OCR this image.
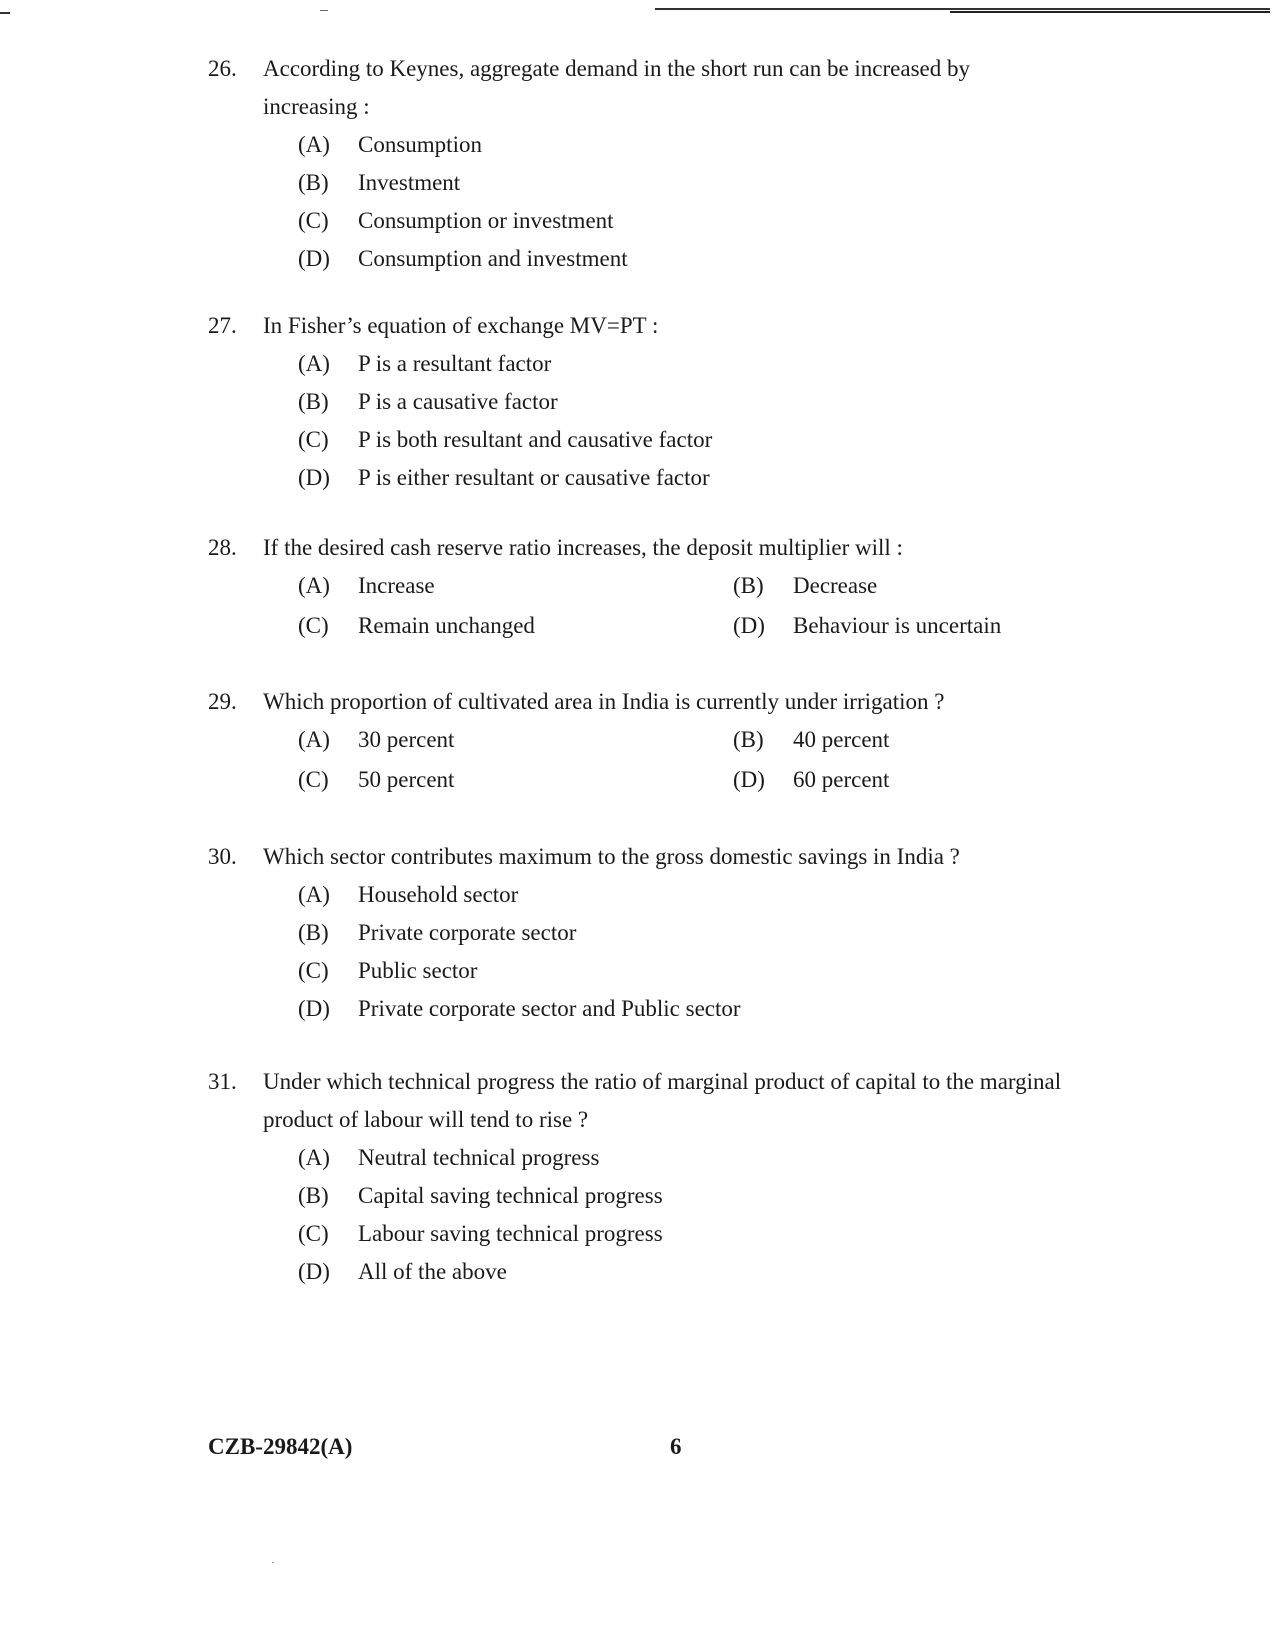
26.	According to Keynes, aggregate demand in the short run can be increased by increasing :
(A)	Consumption
(B)	Investment
(C)	Consumption or investment
(D)	Consumption and investment
27.	In Fisher’s equation of exchange MV=PT :
(A)	P is a resultant factor
(B)	P is a causative factor
(C)	P is both resultant and causative factor
(D)	P is either resultant or causative factor
28.	If the desired cash reserve ratio increases, the deposit multiplier will :
(A)	Increase	(B)	Decrease
(C)	Remain unchanged	(D)	Behaviour is uncertain
29.	Which proportion of cultivated area in India is currently under irrigation ?
(A)	30 percent	(B)	40 percent
(C)	50 percent	(D)	60 percent
30.	Which sector contributes maximum to the gross domestic savings in India ?
(A)	Household sector
(B)	Private corporate sector
(C)	Public sector
(D)	Private corporate sector and Public sector
31.	Under which technical progress the ratio of marginal product of capital to the marginal product of labour will tend to rise ?
(A)	Neutral technical progress
(B)	Capital saving technical progress
(C)	Labour saving technical progress
(D)	All of the above
CZB-29842(A)	6
